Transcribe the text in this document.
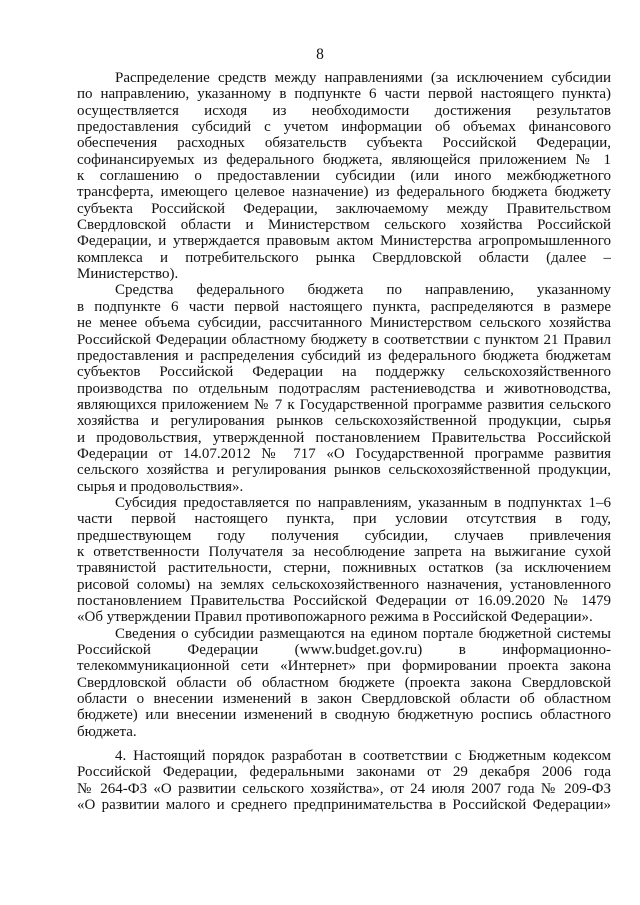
8

Распределение средств между направлениями (за исключением субсидии
по направлению, указанному в подпункте 6 части первой настоящего пункта)
осуществляется исходя из необходимости достижения результатов
предоставления субсидий с учетом информации об объемах финансового
обеспечения расходных обязательств субъекта Российской Федерации,
софинансируемых из федерального бюджета, являющейся приложением № 1
к соглашению о предоставлении субсидии (или иного межбюджетного
трансферта, имеющего целевое назначение) из федерального бюджета бюджету
субъекта Российской Федерации, заключаемому между Правительством
Свердловской области и Министерством сельского хозяйства Российской
Федерации, и утверждается правовым актом Министерства агропромышленного
комплекса и потребительского рынка Свердловской области (далее –
Министерство).

Средства федерального бюджета по направлению, указанному
в подпункте 6 части первой настоящего пункта, распределяются в размере
не менее объема субсидии, рассчитанного Министерством сельского хозяйства
Российской Федерации областному бюджету в соответствии с пунктом 21 Правил
предоставления и распределения субсидий из федерального бюджета бюджетам
субъектов Российской Федерации на поддержку сельскохозяйственного
производства по отдельным подотраслям растениеводства и животноводства,
являющихся приложением № 7 к Государственной программе развития сельского
хозяйства и регулирования рынков сельскохозяйственной продукции, сырья
и продовольствия, утвержденной постановлением Правительства Российской
Федерации от 14.07.2012 № 717 «О Государственной программе развития
сельского хозяйства и регулирования рынков сельскохозяйственной продукции,
сырья и продовольствия».

Субсидия предоставляется по направлениям, указанным в подпунктах 1–6
части первой настоящего пункта, при условии отсутствия в году,
предшествующем году получения субсидии, случаев привлечения
к ответственности Получателя за несоблюдение запрета на выжигание сухой
травянистой растительности, стерни, пожнивных остатков (за исключением
рисовой соломы) на землях сельскохозяйственного назначения, установленного
постановлением Правительства Российской Федерации от 16.09.2020 № 1479
«Об утверждении Правил противопожарного режима в Российской Федерации».

Сведения о субсидии размещаются на едином портале бюджетной системы
Российской Федерации (www.budget.gov.ru) в информационно-
телекоммуникационной сети «Интернет» при формировании проекта закона
Свердловской области об областном бюджете (проекта закона Свердловской
области о внесении изменений в закон Свердловской области об областном
бюджете) или внесении изменений в сводную бюджетную роспись областного
бюджета.

4. Настоящий порядок разработан в соответствии с Бюджетным кодексом
Российской Федерации, федеральными законами от 29 декабря 2006 года
№ 264-ФЗ «О развитии сельского хозяйства», от 24 июля 2007 года № 209-ФЗ
«О развитии малого и среднего предпринимательства в Российской Федерации»
